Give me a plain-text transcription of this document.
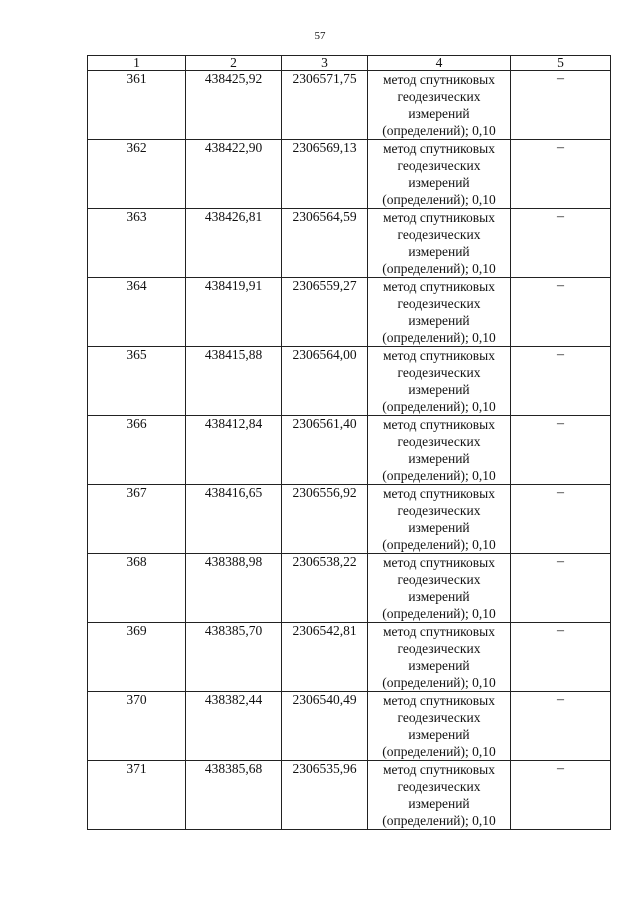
57
1	2	3	4	5
361	438425,92	2306571,75	метод спутниковых
геодезических
измерений
(определений); 0,10	–
362	438422,90	2306569,13	метод спутниковых
геодезических
измерений
(определений); 0,10	–
363	438426,81	2306564,59	метод спутниковых
геодезических
измерений
(определений); 0,10	–
364	438419,91	2306559,27	метод спутниковых
геодезических
измерений
(определений); 0,10	–
365	438415,88	2306564,00	метод спутниковых
геодезических
измерений
(определений); 0,10	–
366	438412,84	2306561,40	метод спутниковых
геодезических
измерений
(определений); 0,10	–
367	438416,65	2306556,92	метод спутниковых
геодезических
измерений
(определений); 0,10	–
368	438388,98	2306538,22	метод спутниковых
геодезических
измерений
(определений); 0,10	–
369	438385,70	2306542,81	метод спутниковых
геодезических
измерений
(определений); 0,10	–
370	438382,44	2306540,49	метод спутниковых
геодезических
измерений
(определений); 0,10	–
371	438385,68	2306535,96	метод спутниковых
геодезических
измерений
(определений); 0,10	–
